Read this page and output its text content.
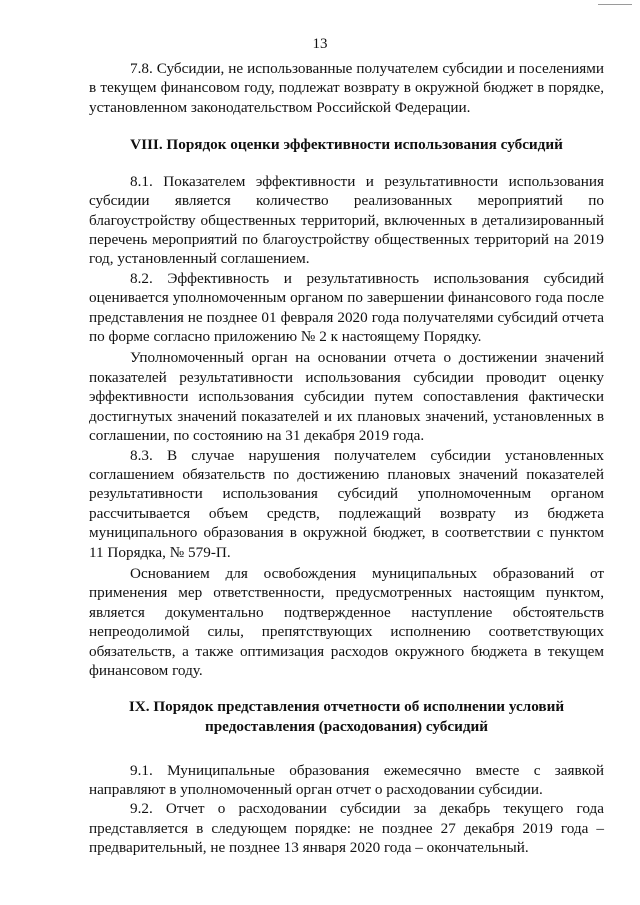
13

7.8. Субсидии, не использованные получателем субсидии и поселениями в текущем финансовом году, подлежат возврату в окружной бюджет в порядке, установленном законодательством Российской Федерации.

VIII. Порядок оценки эффективности использования субсидий

8.1. Показателем эффективности и результативности использования субсидии является количество реализованных мероприятий по благоустройству общественных территорий, включенных в детализированный перечень мероприятий по благоустройству общественных территорий на 2019 год, установленный соглашением.

8.2. Эффективность и результативность использования субсидий оценивается уполномоченным органом по завершении финансового года после представления не позднее 01 февраля 2020 года получателями субсидий отчета по форме согласно приложению № 2 к настоящему Порядку.

Уполномоченный орган на основании отчета о достижении значений показателей результативности использования субсидии проводит оценку эффективности использования субсидии путем сопоставления фактически достигнутых значений показателей и их плановых значений, установленных в соглашении, по состоянию на 31 декабря 2019 года.

8.3. В случае нарушения получателем субсидии установленных соглашением обязательств по достижению плановых значений показателей результативности использования субсидий уполномоченным органом рассчитывается объем средств, подлежащий возврату из бюджета муниципального образования в окружной бюджет, в соответствии с пунктом 11 Порядка, № 579-П.

Основанием для освобождения муниципальных образований от применения мер ответственности, предусмотренных настоящим пунктом, является документально подтвержденное наступление обстоятельств непреодолимой силы, препятствующих исполнению соответствующих обязательств, а также оптимизация расходов окружного бюджета в текущем финансовом году.

IX. Порядок представления отчетности об исполнении условий
предоставления (расходования) субсидий

9.1. Муниципальные образования ежемесячно вместе с заявкой направляют в уполномоченный орган отчет о расходовании субсидии.

9.2. Отчет о расходовании субсидии за декабрь текущего года представляется в следующем порядке: не позднее 27 декабря 2019 года – предварительный, не позднее 13 января 2020 года – окончательный.
